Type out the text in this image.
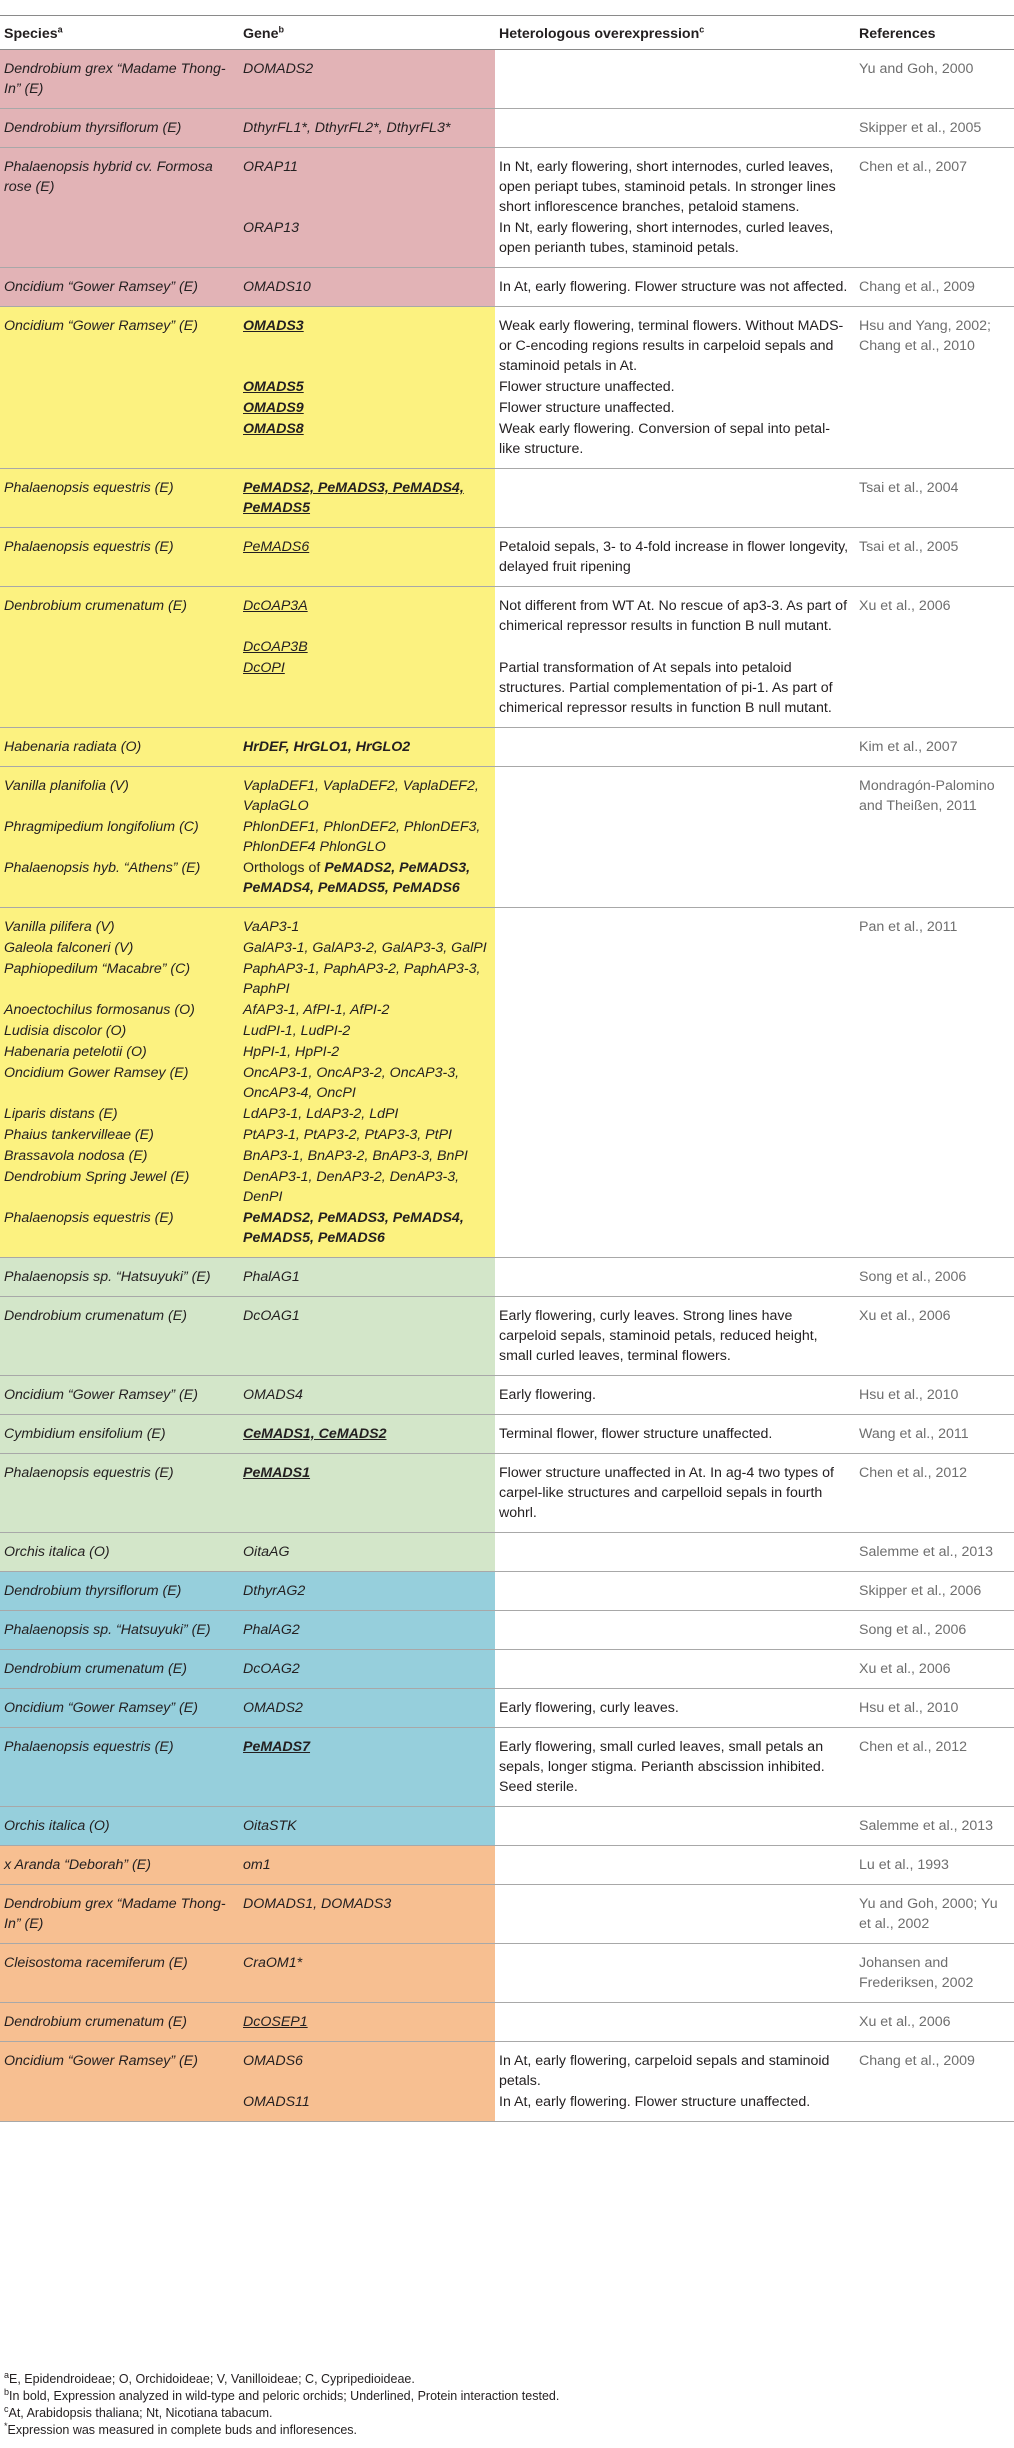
Species$^a$	Gene$^b$	Heterologous overexpression$^c$	References
Dendrobium grex “Madame Thong-In” (E)	DOMADS2		Yu and Goh, 2000
Dendrobium thyrsiflorum (E)	DthyrFL1*, DthyrFL2*, DthyrFL3*		Skipper et al., 2005
Phalaenopsis hybrid cv. Formosa rose (E)	ORAP11	In Nt, early flowering, short internodes, curled leaves, open periapt tubes, staminoid petals. In stronger lines short inflorescence branches, petaloid stamens.	Chen et al., 2007
	ORAP13	In Nt, early flowering, short internodes, curled leaves, open perianth tubes, staminoid petals.	
Oncidium “Gower Ramsey” (E)	OMADS10	In At, early flowering. Flower structure was not affected.	Chang et al., 2009
Oncidium “Gower Ramsey” (E)	OMADS3	Weak early flowering, terminal flowers. Without MADS- or C-encoding regions results in carpeloid sepals and staminoid petals in At.	Hsu and Yang, 2002; Chang et al., 2010
	OMADS5	Flower structure unaffected.	
	OMADS9	Flower structure unaffected.	
	OMADS8	Weak early flowering. Conversion of sepal into petal-like structure.	
Phalaenopsis equestris (E)	PeMADS2, PeMADS3, PeMADS4, PeMADS5		Tsai et al., 2004
Phalaenopsis equestris (E)	PeMADS6	Petaloid sepals, 3- to 4-fold increase in flower longevity, delayed fruit ripening	Tsai et al., 2005
Denbrobium crumenatum (E)	DcOAP3A	Not different from WT At. No rescue of ap3-3. As part of chimerical repressor results in function B null mutant.	Xu et al., 2006
	DcOAP3B		
	DcOPI	Partial transformation of At sepals into petaloid structures. Partial complementation of pi-1. As part of chimerical repressor results in function B null mutant.	
Habenaria radiata (O)	HrDEF, HrGLO1, HrGLO2		Kim et al., 2007
Vanilla planifolia (V)	VaplaDEF1, VaplaDEF2, VaplaDEF2, VaplaGLO		Mondragón-Palomino and Theißen, 2011
Phragmipedium longifolium (C)	PhlonDEF1, PhlonDEF2, PhlonDEF3, PhlonDEF4 PhlonGLO		
Phalaenopsis hyb. “Athens” (E)	Orthologs of PeMADS2, PeMADS3, PeMADS4, PeMADS5, PeMADS6		
Vanilla pilifera (V)	VaAP3-1		Pan et al., 2011
Galeola falconeri (V)	GalAP3-1, GalAP3-2, GalAP3-3, GalPI		
Paphiopedilum “Macabre” (C)	PaphAP3-1, PaphAP3-2, PaphAP3-3, PaphPI		
Anoectochilus formosanus (O)	AfAP3-1, AfPI-1, AfPI-2		
Ludisia discolor (O)	LudPI-1, LudPI-2		
Habenaria petelotii (O)	HpPI-1, HpPI-2		
Oncidium Gower Ramsey (E)	OncAP3-1, OncAP3-2, OncAP3-3, OncAP3-4, OncPI		
Liparis distans (E)	LdAP3-1, LdAP3-2, LdPI		
Phaius tankervilleae (E)	PtAP3-1, PtAP3-2, PtAP3-3, PtPI		
Brassavola nodosa (E)	BnAP3-1, BnAP3-2, BnAP3-3, BnPI		
Dendrobium Spring Jewel (E)	DenAP3-1, DenAP3-2, DenAP3-3, DenPI		
Phalaenopsis equestris (E)	PeMADS2, PeMADS3, PeMADS4, PeMADS5, PeMADS6		
Phalaenopsis sp. “Hatsuyuki” (E)	PhalAG1		Song et al., 2006
Dendrobium crumenatum (E)	DcOAG1	Early flowering, curly leaves. Strong lines have carpeloid sepals, staminoid petals, reduced height, small curled leaves, terminal flowers.	Xu et al., 2006
Oncidium “Gower Ramsey” (E)	OMADS4	Early flowering.	Hsu et al., 2010
Cymbidium ensifolium (E)	CeMADS1, CeMADS2	Terminal flower, flower structure unaffected.	Wang et al., 2011
Phalaenopsis equestris (E)	PeMADS1	Flower structure unaffected in At. In ag-4 two types of carpel-like structures and carpelloid sepals in fourth wohrl.	Chen et al., 2012
Orchis italica (O)	OitaAG		Salemme et al., 2013
Dendrobium thyrsiflorum (E)	DthyrAG2		Skipper et al., 2006
Phalaenopsis sp. “Hatsuyuki” (E)	PhalAG2		Song et al., 2006
Dendrobium crumenatum (E)	DcOAG2		Xu et al., 2006
Oncidium “Gower Ramsey” (E)	OMADS2	Early flowering, curly leaves.	Hsu et al., 2010
Phalaenopsis equestris (E)	PeMADS7	Early flowering, small curled leaves, small petals an sepals, longer stigma. Perianth abscission inhibited. Seed sterile.	Chen et al., 2012
Orchis italica (O)	OitaSTK		Salemme et al., 2013
x Aranda “Deborah” (E)	om1		Lu et al., 1993
Dendrobium grex “Madame Thong-In” (E)	DOMADS1, DOMADS3		Yu and Goh, 2000; Yu et al., 2002
Cleisostoma racemiferum (E)	CraOM1*		Johansen and Frederiksen, 2002
Dendrobium crumenatum (E)	DcOSEP1		Xu et al., 2006
Oncidium “Gower Ramsey” (E)	OMADS6	In At, early flowering, carpeloid sepals and staminoid petals.	Chang et al., 2009
	OMADS11	In At, early flowering. Flower structure unaffected.	
$^a$E, Epidendroideae; O, Orchidoideae; V, Vanilloideae; C, Cypripedioideae.
$^b$In bold, Expression analyzed in wild-type and peloric orchids; Underlined, Protein interaction tested.
$^c$At, Arabidopsis thaliana; Nt, Nicotiana tabacum.
*Expression was measured in complete buds and infloresences.
